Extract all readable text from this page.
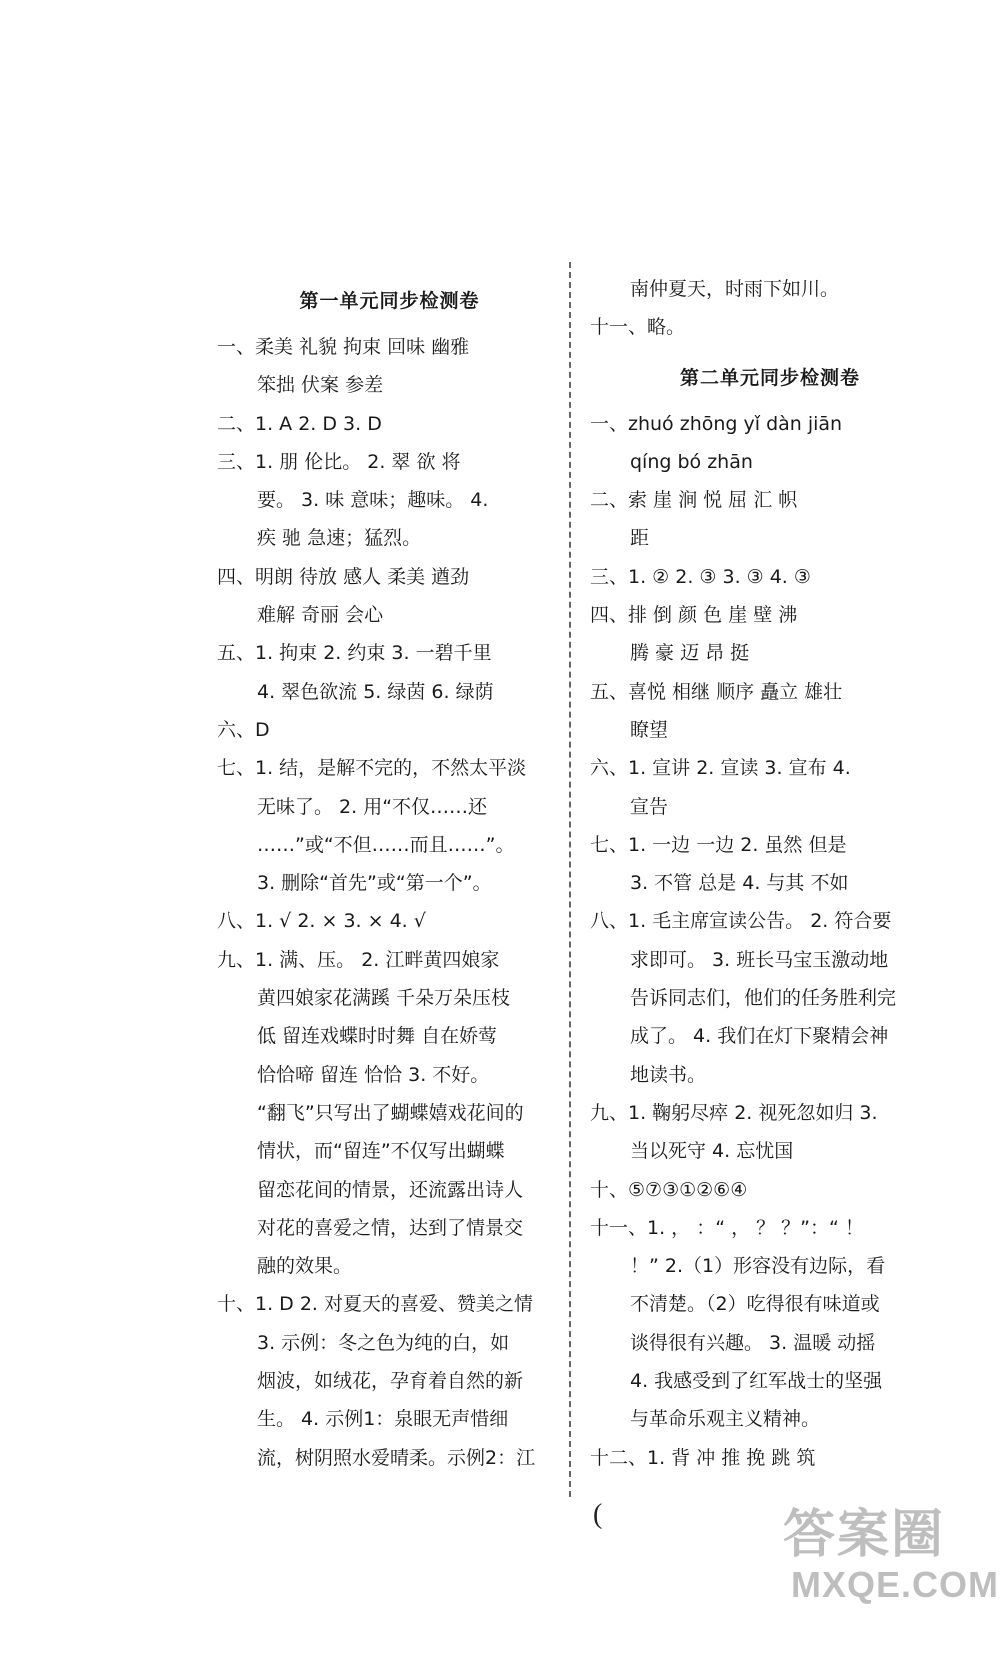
第一单元同步检测卷
一、柔美 礼貌 拘束 回味 幽雅
笨拙 伏案 参差
二、1. A 2. D 3. D
三、1. 朋 伦比。 2. 翠 欲 将
要。 3. 味 意味；趣味。 4.
疾 驰 急速；猛烈。
四、明朗 待放 感人 柔美 遒劲
难解 奇丽 会心
五、1. 拘束 2. 约束 3. 一碧千里
4. 翠色欲流 5. 绿茵 6. 绿荫
六、D
七、1. 结，是解不完的，不然太平淡
无味了。 2. 用“不仅……还
……”或“不但……而且……”。
3. 删除“首先”或“第一个”。
八、1. √ 2. × 3. × 4. √
九、1. 满、压。 2. 江畔黄四娘家
黄四娘家花满蹊 千朵万朵压枝
低 留连戏蝶时时舞 自在娇莺
恰恰啼 留连 恰恰 3. 不好。
“翻飞”只写出了蝴蝶嬉戏花间的
情状，而“留连”不仅写出蝴蝶
留恋花间的情景，还流露出诗人
对花的喜爱之情，达到了情景交
融的效果。
十、1. D 2. 对夏天的喜爱、赞美之情
3. 示例：冬之色为纯的白，如
烟波，如绒花，孕育着自然的新
生。 4. 示例1：泉眼无声惜细
流，树阴照水爱晴柔。示例2：江
南仲夏天，时雨下如川。
十一、略。
第二单元同步检测卷
一、zhuó zhōng yǐ dàn jiān
qíng bó zhān
二、索 崖 涧 悦 屈 汇 帜
距
三、1. ② 2. ③ 3. ③ 4. ③
四、排 倒 颜 色 崖 壁 沸
腾 豪 迈 昂 挺
五、喜悦 相继 顺序 矗立 雄壮
瞭望
六、1. 宣讲 2. 宣读 3. 宣布 4.
宣告
七、1. 一边 一边 2. 虽然 但是
3. 不管 总是 4. 与其 不如
八、1. 毛主席宣读公告。 2. 符合要
求即可。 3. 班长马宝玉激动地
告诉同志们，他们的任务胜利完
成了。 4. 我们在灯下聚精会神
地读书。
九、1. 鞠躬尽瘁 2. 视死忽如归 3.
当以死守 4. 忘忧国
十、⑤⑦③①②⑥④
十一、1. ， ：“ ， ？ ？”：“ ！
！” 2.（1）形容没有边际，看
不清楚。（2）吃得很有味道或
谈得很有兴趣。 3. 温暖 动摇
4. 我感受到了红军战士的坚强
与革命乐观主义精神。
十二、1. 背 冲 推 挽 跳 筑
(	答案圈
MXQE.COM
